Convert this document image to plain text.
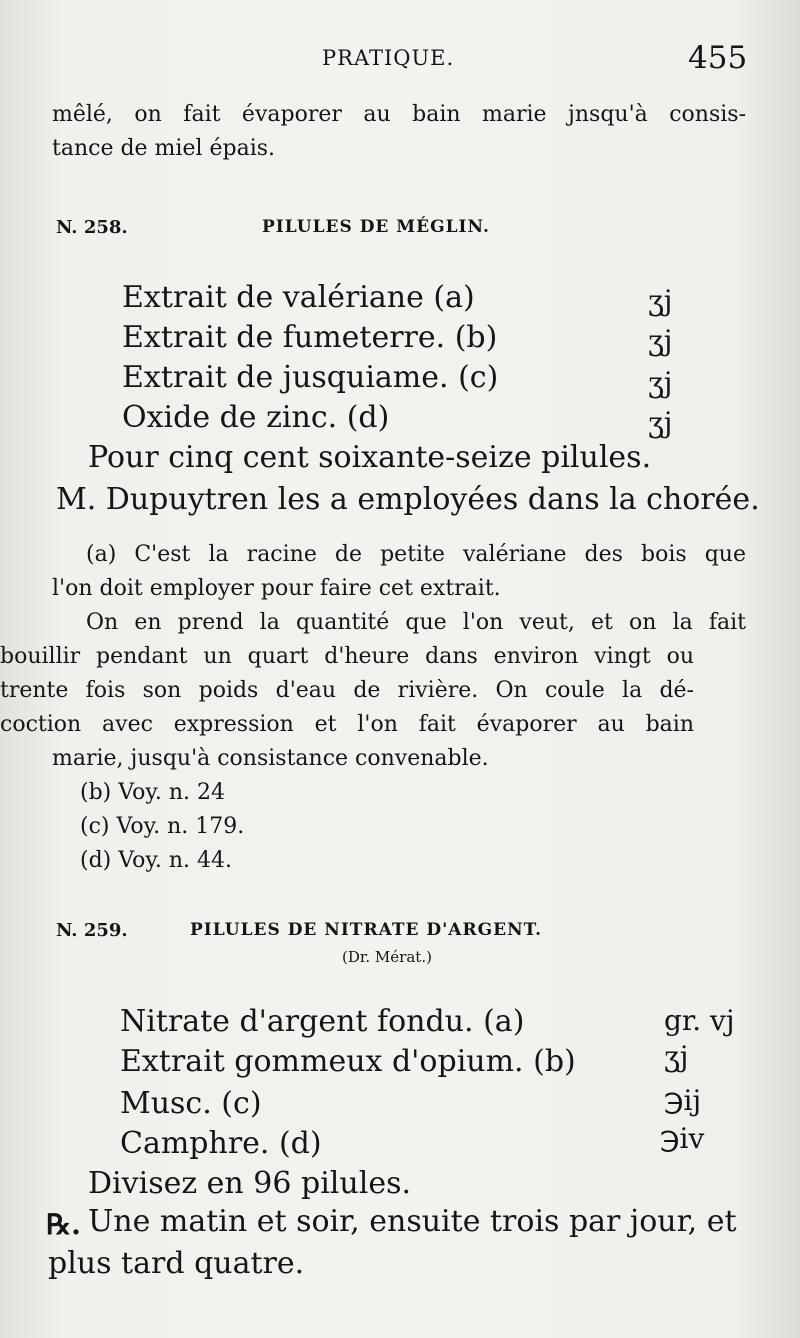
PRATIQUE.	455
mêlé, on fait évaporer au bain marie jnsqu'à consis-
tance de miel épais.
N. 258.	PILULES DE MÉGLIN.
Extrait de valériane (a)	ʒj
Extrait de fumeterre. (b)	ʒj
Extrait de jusquiame. (c)	ʒj
Oxide de zinc. (d)	ʒj
Pour cinq cent soixante-seize pilules.
M. Dupuytren les a employées dans la chorée.
(a) C'est la racine de petite valériane des bois que
l'on doit employer pour faire cet extrait.
On en prend la quantité que l'on veut, et on la fait
bouillir pendant un quart d'heure dans environ vingt ou
trente fois son poids d'eau de rivière. On coule la dé-
coction avec expression et l'on fait évaporer au bain
marie, jusqu'à consistance convenable.
(b) Voy. n. 24
(c) Voy. n. 179.
(d) Voy. n. 44.
N. 259.	PILULES DE NITRATE D'ARGENT.
(Dr. Mérat.)
Nitrate d'argent fondu. (a)	gr. vj
Extrait gommeux d'opium. (b)	ʒj
Musc. (c)	℈ij
Camphre. (d)	℈iv
Divisez en 96 pilules.
℞. Une matin et soir, ensuite trois par jour, et
plus tard quatre.
